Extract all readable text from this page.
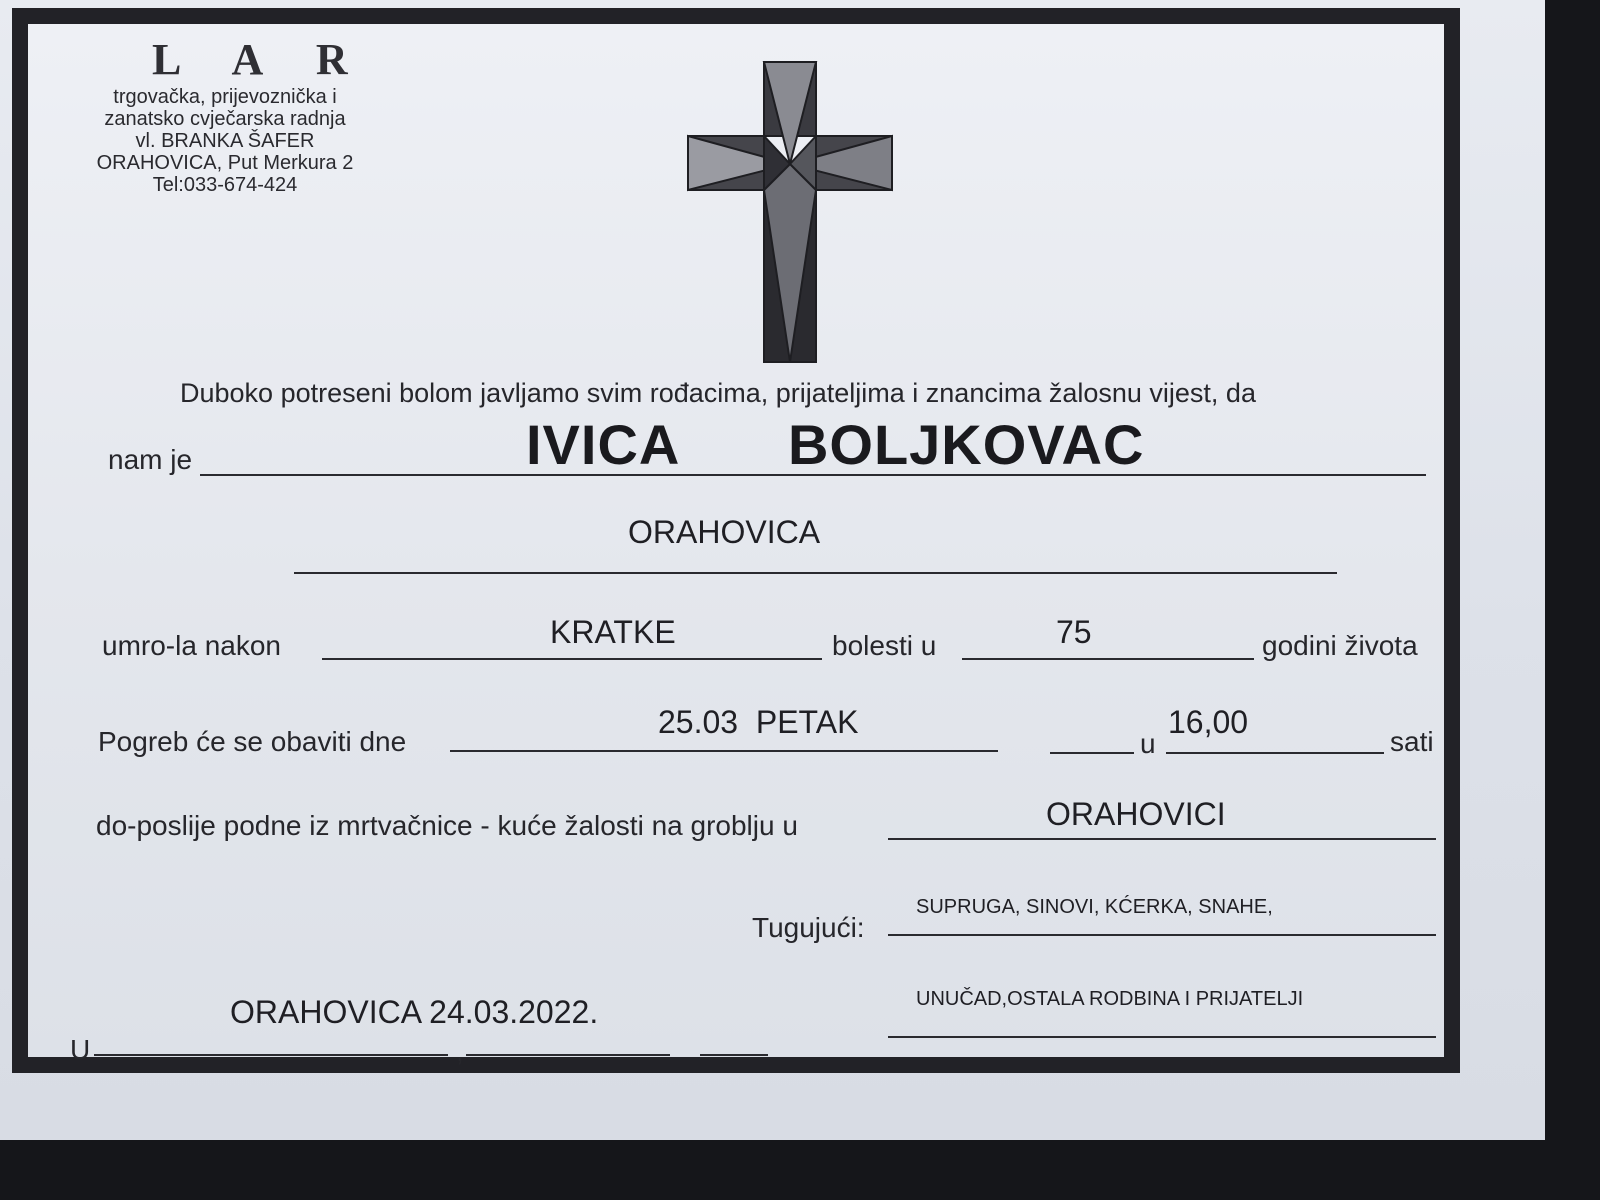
L A R
trgovačka, prijevoznička i
zanatsko cvječarska radnja
vl. BRANKA ŠAFER
ORAHOVICA, Put Merkura 2
Tel:033-674-424
Duboko potreseni bolom javljamo svim rođacima, prijateljima i znancima žalosnu vijest, da
nam je	IVICA   BOLJKOVAC
ORAHOVICA
umro-la nakon	KRATKE	bolesti u	75	godini života
Pogreb će se obaviti dne
25.03  PETAK
u
16,00
sati
do-poslije podne iz mrtvačnice - kuće žalosti na groblju u	ORAHOVICI
SUPRUGA, SINOVI, KĆERKA, SNAHE,
Tugujući:
UNUČAD,OSTALA RODBINA I PRIJATELJI
ORAHOVICA 24.03.2022.
U	,
